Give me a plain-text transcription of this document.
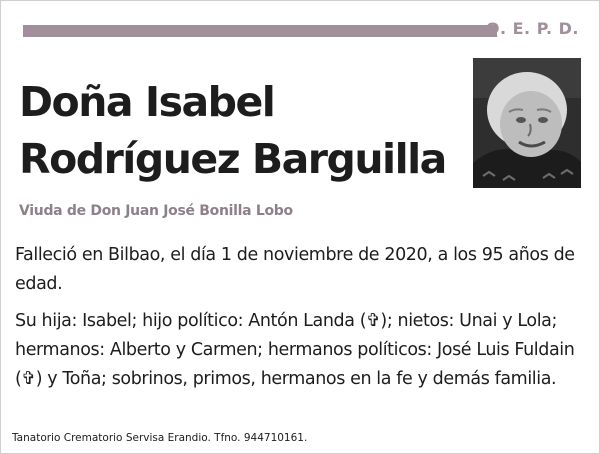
Q. E. P. D.
Doña Isabel
Rodríguez Barguilla
Viuda de Don Juan José Bonilla Lobo
Falleció en Bilbao, el día 1 de noviembre de 2020, a los 95 años de edad.
Su hija: Isabel; hijo político: Antón Landa (✞); nietos: Unai y Lola; hermanos: Alberto y Carmen; hermanos políticos: José Luis Fuldain (✞) y Toña; sobrinos, primos, hermanos en la fe y demás familia.
Tanatorio Crematorio Servisa Erandio. Tfno. 944710161.
